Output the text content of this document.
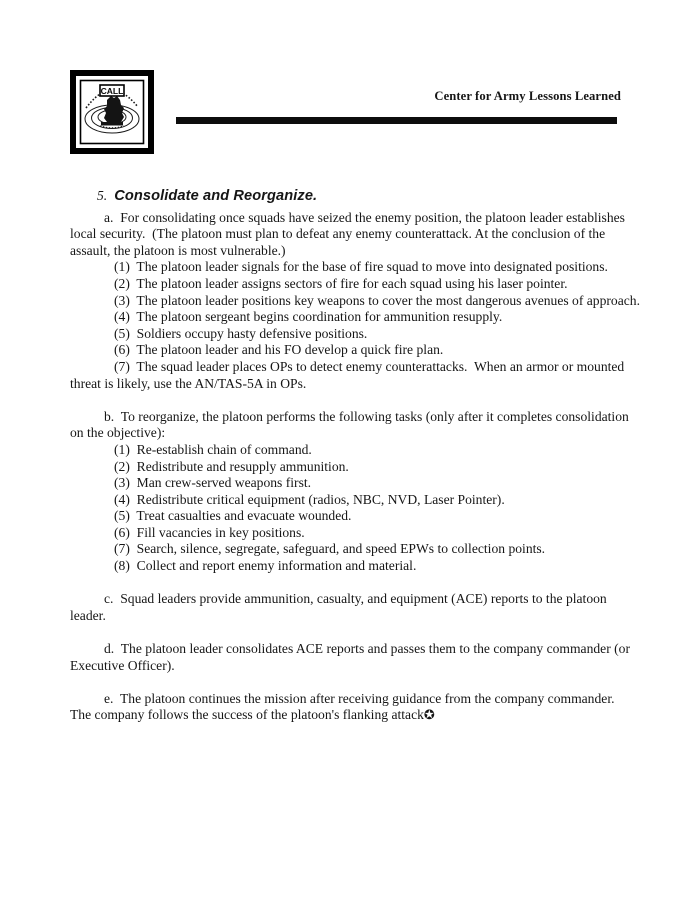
CALL	Center for Army Lessons Learned

5. Consolidate and Reorganize.

a.  For consolidating once squads have seized the enemy position, the platoon leader establishes local security.  (The platoon must plan to defeat any enemy counterattack. At the conclusion of the assault, the platoon is most vulnerable.)

(1)  The platoon leader signals for the base of fire squad to move into designated positions.

(2)  The platoon leader assigns sectors of fire for each squad using his laser pointer.

(3)  The platoon leader positions key weapons to cover the most dangerous avenues of approach.

(4)  The platoon sergeant begins coordination for ammunition resupply.

(5)  Soldiers occupy hasty defensive positions.

(6)  The platoon leader and his FO develop a quick fire plan.

(7)  The squad leader places OPs to detect enemy counterattacks.  When an armor or mounted threat is likely, use the AN/TAS-5A in OPs.

b.  To reorganize, the platoon performs the following tasks (only after it completes consolidation on the objective):

(1)  Re-establish chain of command.

(2)  Redistribute and resupply ammunition.

(3)  Man crew-served weapons first.

(4)  Redistribute critical equipment (radios, NBC, NVD, Laser Pointer).

(5)  Treat casualties and evacuate wounded.

(6)  Fill vacancies in key positions.

(7)  Search, silence, segregate, safeguard, and speed EPWs to collection points.

(8)  Collect and report enemy information and material.

c.  Squad leaders provide ammunition, casualty, and equipment (ACE) reports to the platoon leader.

d.  The platoon leader consolidates ACE reports and passes them to the company commander (or Executive Officer).

e.  The platoon continues the mission after receiving guidance from the company commander.  The company follows the success of the platoon's flanking attack✪
